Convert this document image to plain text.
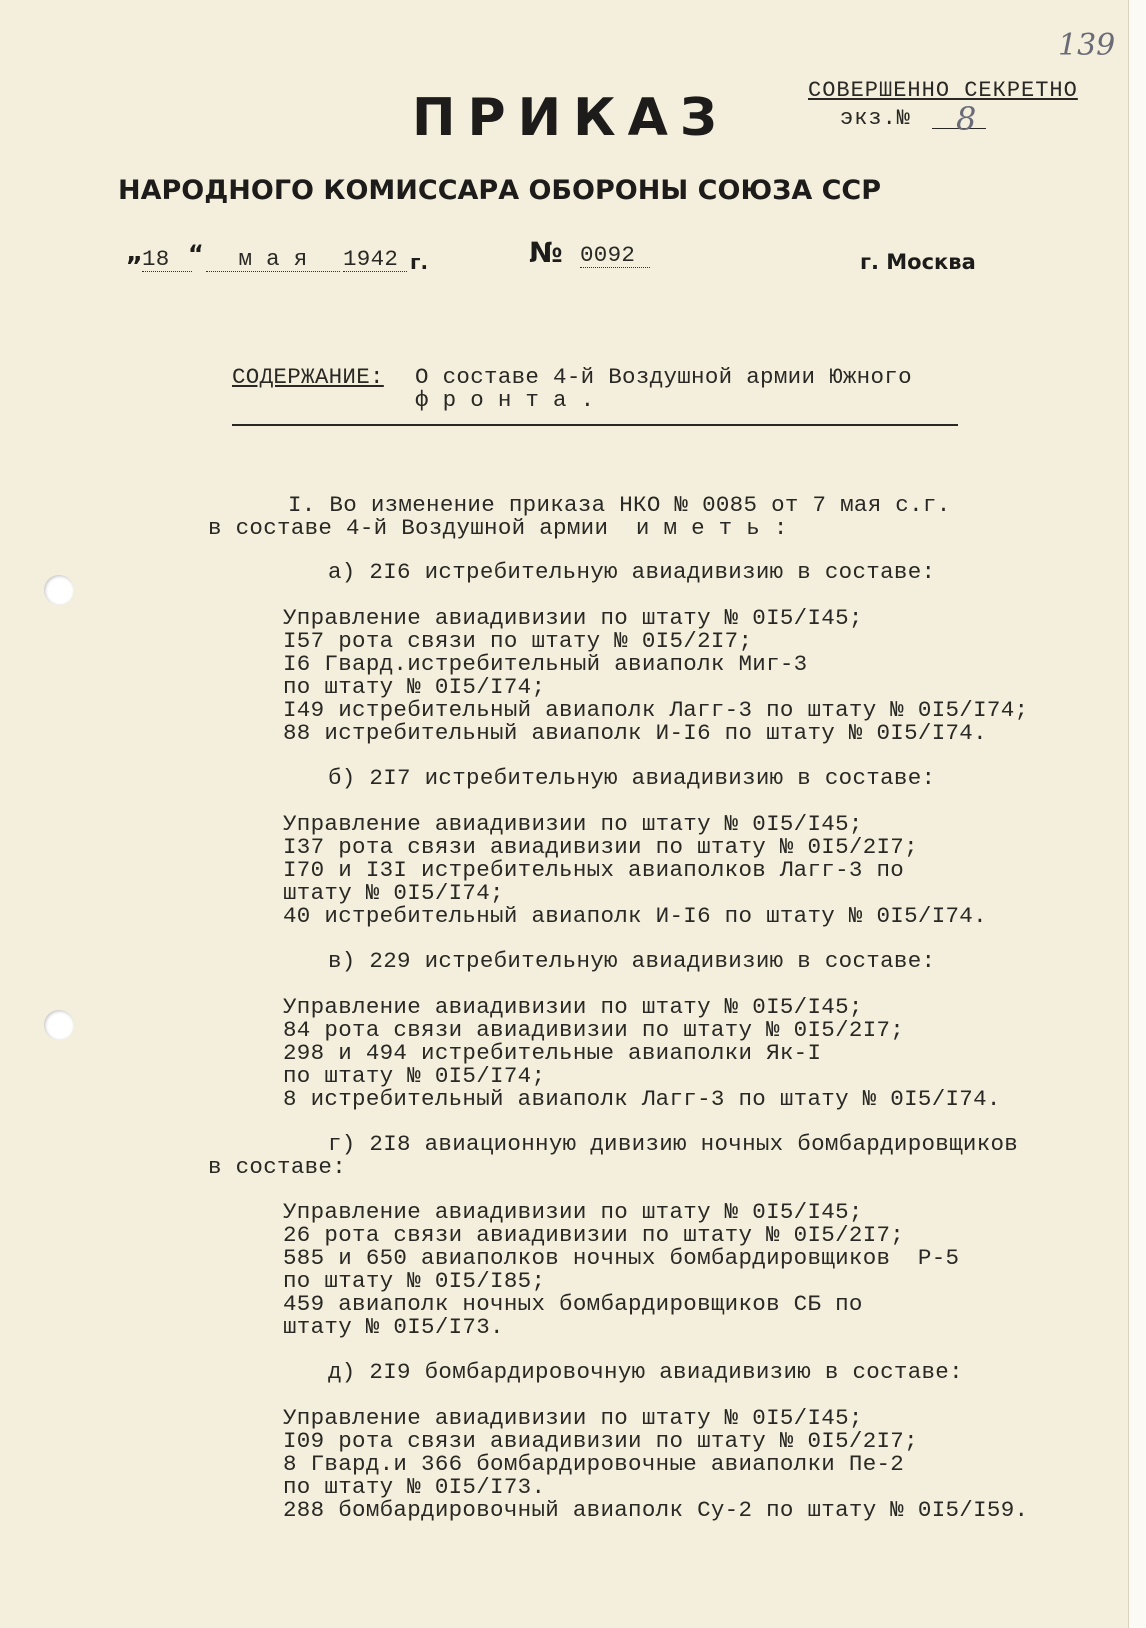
139
СОВЕРШЕННО СЕКРЕТНО
экз.№ 8
ПРИКАЗ
НАРОДНОГО КОМИССАРА ОБОРОНЫ СОЮЗА ССР
„
18 “	м а я	1942 г.	№ 0092	г. Москва
СОДЕРЖАНИЕ: О составе 4-й Воздушной армии Южного
ф р о н т а .
I. Во изменение приказа НКО № 0085 от 7 мая с.г.
в составе 4-й Воздушной армии  и м е т ь :
а) 2I6 истребительную авиадивизию в составе:
Управление авиадивизии по штату № 0I5/I45;
I57 рота связи по штату № 0I5/2I7;
I6 Гвард.истребительный авиаполк Миг-3
по штату № 0I5/I74;
I49 истребительный авиаполк Лагг-3 по штату № 0I5/I74;
88 истребительный авиаполк И-I6 по штату № 0I5/I74.
б) 2I7 истребительную авиадивизию в составе:
Управление авиадивизии по штату № 0I5/I45;
I37 рота связи авиадивизии по штату № 0I5/2I7;
I70 и I3I истребительных авиаполков Лагг-3 по
штату № 0I5/I74;
40 истребительный авиаполк И-I6 по штату № 0I5/I74.
в) 229 истребительную авиадивизию в составе:
Управление авиадивизии по штату № 0I5/I45;
84 рота связи авиадивизии по штату № 0I5/2I7;
298 и 494 истребительные авиаполки Як-I
по штату № 0I5/I74;
8 истребительный авиаполк Лагг-3 по штату № 0I5/I74.
г) 2I8 авиационную дивизию ночных бомбардировщиков
в составе:
Управление авиадивизии по штату № 0I5/I45;
26 рота связи авиадивизии по штату № 0I5/2I7;
585 и 650 авиаполков ночных бомбардировщиков  Р-5
по штату № 0I5/I85;
459 авиаполк ночных бомбардировщиков СБ по
штату № 0I5/I73.
д) 2I9 бомбардировочную авиадивизию в составе:
Управление авиадивизии по штату № 0I5/I45;
I09 рота связи авиадивизии по штату № 0I5/2I7;
8 Гвард.и 366 бомбардировочные авиаполки Пе-2
по штату № 0I5/I73.
288 бомбардировочный авиаполк Су-2 по штату № 0I5/I59.
